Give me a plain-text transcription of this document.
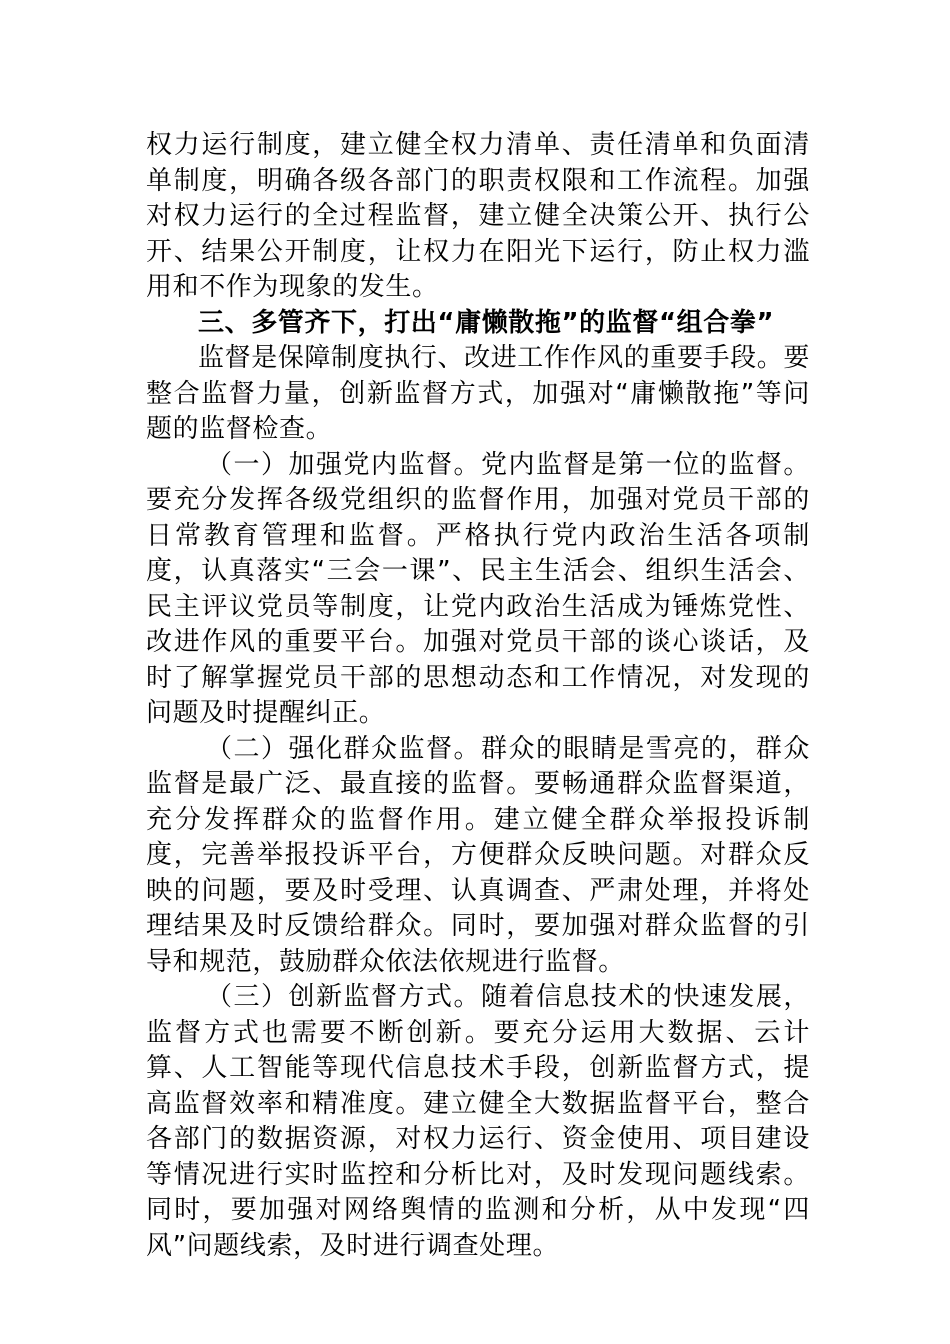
权力运行制度，建立健全权力清单、责任清单和负面清单制度，明确各级各部门的职责权限和工作流程。加强对权力运行的全过程监督，建立健全决策公开、执行公开、结果公开制度，让权力在阳光下运行，防止权力滥用和不作为现象的发生。

三、多管齐下，打出“庸懒散拖”的监督“组合拳”

监督是保障制度执行、改进工作作风的重要手段。要整合监督力量，创新监督方式，加强对“庸懒散拖”等问题的监督检查。

（一）加强党内监督。党内监督是第一位的监督。要充分发挥各级党组织的监督作用，加强对党员干部的日常教育管理和监督。严格执行党内政治生活各项制度，认真落实“三会一课”、民主生活会、组织生活会、民主评议党员等制度，让党内政治生活成为锤炼党性、改进作风的重要平台。加强对党员干部的谈心谈话，及时了解掌握党员干部的思想动态和工作情况，对发现的问题及时提醒纠正。

（二）强化群众监督。群众的眼睛是雪亮的，群众监督是最广泛、最直接的监督。要畅通群众监督渠道，充分发挥群众的监督作用。建立健全群众举报投诉制度，完善举报投诉平台，方便群众反映问题。对群众反映的问题，要及时受理、认真调查、严肃处理，并将处理结果及时反馈给群众。同时，要加强对群众监督的引导和规范，鼓励群众依法依规进行监督。

（三）创新监督方式。随着信息技术的快速发展，监督方式也需要不断创新。要充分运用大数据、云计算、人工智能等现代信息技术手段，创新监督方式，提高监督效率和精准度。建立健全大数据监督平台，整合各部门的数据资源，对权力运行、资金使用、项目建设等情况进行实时监控和分析比对，及时发现问题线索。同时，要加强对网络舆情的监测和分析，从中发现“四风”问题线索，及时进行调查处理。
